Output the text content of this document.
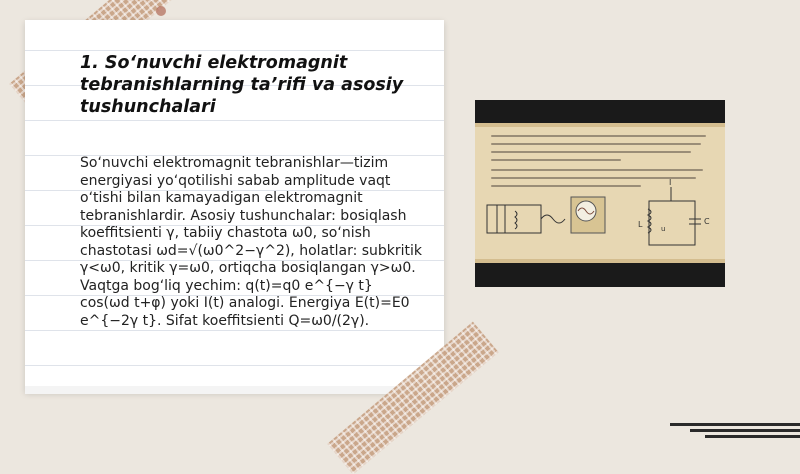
1. So‘nuvchi elektromagnit tebranishlarning ta’rifi va asosiy tushunchalari

So‘nuvchi elektromagnit tebranishlar—tizim energiyasi yo‘qotilishi sabab amplitude vaqt o‘tishi bilan kamayadigan elektromagnit tebranishlardir. Asosiy tushunchalar: bosiqlash koeffitsienti γ, tabiiy chastota ω0, so‘nish chastotasi ωd=√(ω0^2−γ^2), holatlar: subkritik γ<ω0, kritik γ=ω0, ortiqcha bosiqlangan γ>ω0. Vaqtga bog‘liq yechim: q(t)=q0 e^{−γ t} cos(ωd t+φ) yoki I(t) analogi. Energiya E(t)=E0 e^{−2γ t}. Sifat koeffitsienti Q=ω0/(2γ).

I
L	C
u
